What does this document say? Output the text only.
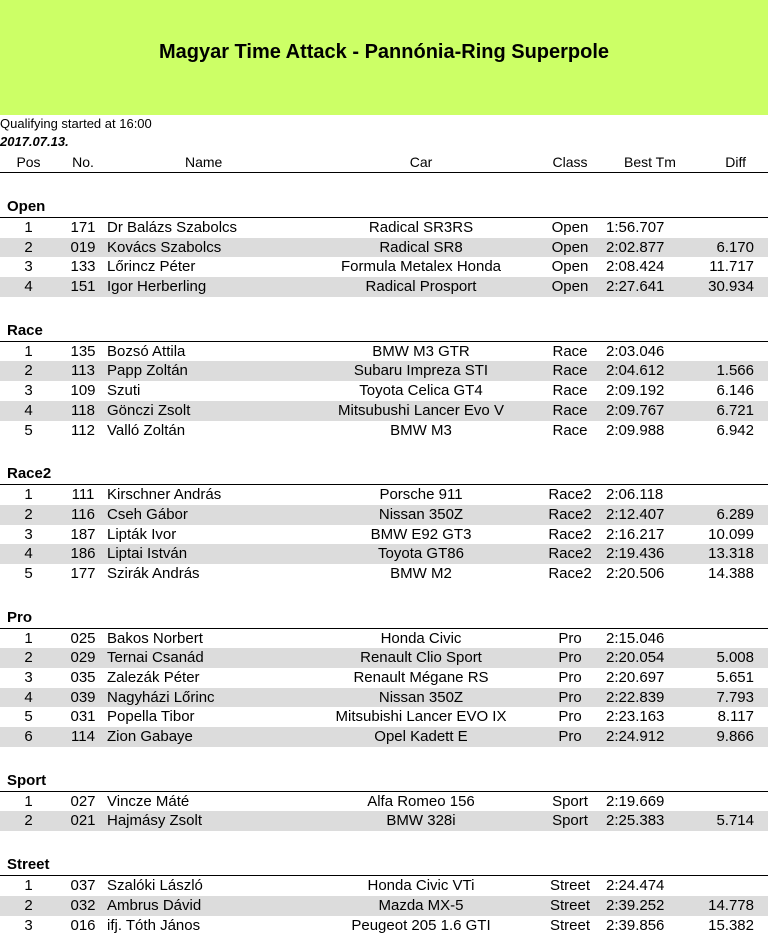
Magyar Time Attack - Pannónia-Ring Superpole
Qualifying started at 16:00
2017.07.13.
Pos	No.	Name	Car	Class	Best Tm	Diff
Open
1	171 Dr Balázs Szabolcs	Radical SR3RS	Open	1:56.707
2	019 Kovács Szabolcs	Radical SR8	Open	2:02.877	6.170
3	133 Lőrincz Péter	Formula Metalex Honda	Open	2:08.424	11.717
4	151 Igor Herberling	Radical Prosport	Open	2:27.641	30.934
Race
1	135 Bozsó Attila	BMW M3 GTR	Race	2:03.046
2	113 Papp Zoltán	Subaru Impreza STI	Race	2:04.612	1.566
3	109 Szuti	Toyota Celica GT4	Race	2:09.192	6.146
4	118 Gönczi Zsolt	Mitsubushi Lancer Evo V	Race	2:09.767	6.721
5	112 Valló Zoltán	BMW M3	Race	2:09.988	6.942
Race2
1	111 Kirschner András	Porsche 911	Race2 2:06.118
2	116 Cseh Gábor	Nissan 350Z	Race2 2:12.407	6.289
3	187 Lipták Ivor	BMW E92 GT3	Race2 2:16.217	10.099
4	186 Liptai István	Toyota GT86	Race2 2:19.436	13.318
5	177 Szirák András	BMW M2	Race2 2:20.506	14.388
Pro
1	025 Bakos Norbert	Honda Civic	Pro	2:15.046
2	029 Ternai Csanád	Renault Clio Sport	Pro	2:20.054	5.008
3	035 Zalezák Péter	Renault Mégane RS	Pro	2:20.697	5.651
4	039 Nagyházi Lőrinc	Nissan 350Z	Pro	2:22.839	7.793
5	031 Popella Tibor	Mitsubishi Lancer EVO IX	Pro	2:23.163	8.117
6	114 Zion Gabaye	Opel Kadett E	Pro	2:24.912	9.866
Sport
1	027 Vincze Máté	Alfa Romeo 156	Sport	2:19.669
2	021 Hajmásy Zsolt	BMW 328i	Sport	2:25.383	5.714
Street
1	037 Szalóki László	Honda Civic VTi	Street	2:24.474
2	032 Ambrus Dávid	Mazda MX-5	Street	2:39.252	14.778
3	016 ifj. Tóth János	Peugeot 205 1.6 GTI	Street	2:39.856	15.382
